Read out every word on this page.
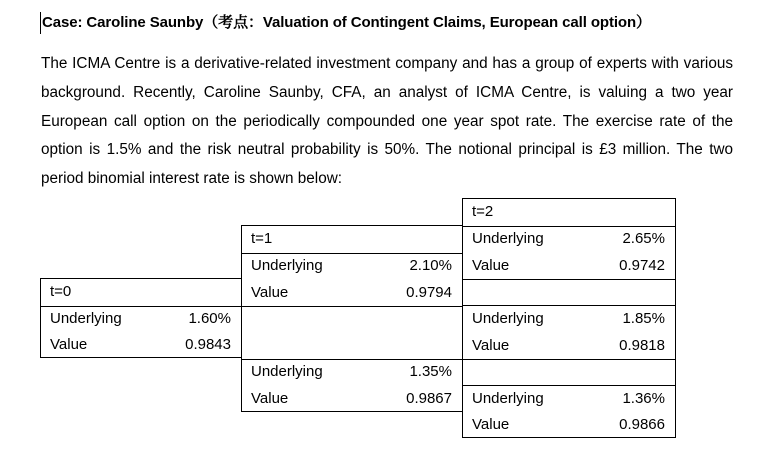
Case: Caroline Saunby（考点：Valuation of Contingent Claims, European call option）
The ICMA Centre is a derivative-related investment company and has a group of experts with various background. Recently, Caroline Saunby, CFA, an analyst of ICMA Centre, is valuing a two year European call option on the periodically compounded one year spot rate. The exercise rate of the option is 1.5% and the risk neutral probability is 50%. The notional principal is £3 million. The two period binomial interest rate is shown below:
t=2
Underlying	2.65%
Value	0.9742
Underlying	1.85%
Value	0.9818
Underlying	1.36%
Value	0.9866
t=1
Underlying	2.10%
Value	0.9794
Underlying	1.35%
Value	0.9867
t=0
Underlying	1.60%
Value	0.9843
